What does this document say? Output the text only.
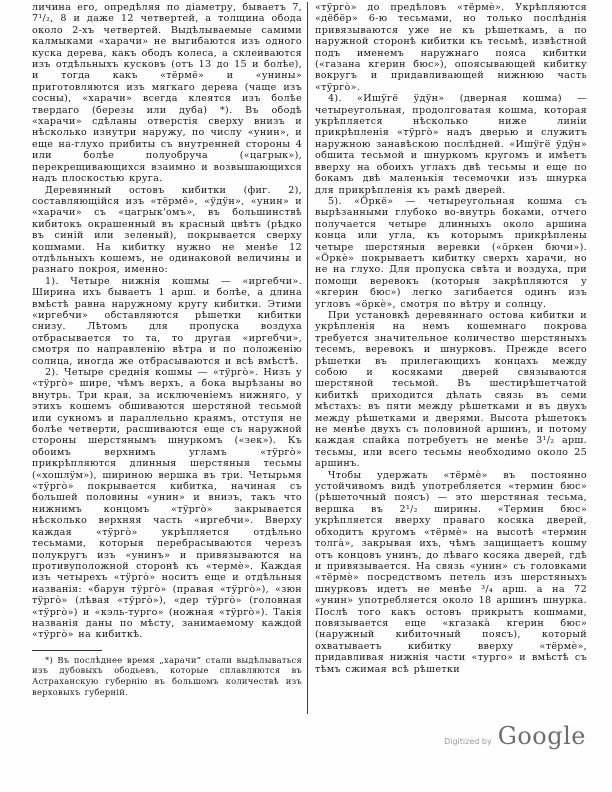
личина его, опредѣляя по діаметру, бываетъ 7, 7¹/₂, 8 и даже 12 четвертей, а толщина обода около 2-хъ четвертей. Выдѣлываемые самими калмыками «харачи» не выгибаются изъ одного куска дерева, какъ ободъ колеса, а склеиваются изъ отдѣльныхъ кусковъ (отъ 13 до 15 и болѣе), и тогда какъ «тёрмё» и «унины» приготовляются изъ мягкаго дерева (чаще изъ сосны), «харачи» всегда клеятся изъ болѣе твердаго (березы или дуба) *). Въ ободѣ «харачи» сдѣланы отверстія сверху внизъ и нѣсколько изнутри наружу, по числу «унин», и еще на-глухо прибиты съ внутренней стороны 4 или болѣе полуобруча («цагрык»), перекрещивающихся взаимно и возвышающихся надъ плоскостью круга.

Деревянный остовъ кибитки (фиг. 2), составляющійся изъ «тёрмё», «ӱдӱн», «унин» и «харачи» съ «цагрык'омъ», въ большинствѣ кибитокъ окрашенный въ красный цвѣтъ (рѣдко въ синій или зеленый), покрывается сверху кошмами. На кибитку нужно не менѣе 12 отдѣльныхъ кошемъ, не одинаковой величины и разнаго покроя, именно:

1). Четыре нижнія кошмы — «иргебчи». Ширина ихъ бываетъ 1 арш. и болѣе, а длина вмѣстѣ равна наружному кругу кибитки. Этими «иргебчи» обставляются рѣшетки кибитки снизу. Лѣтомъ для пропуска воздуха отбрасывается то та, то другая «иргебчи», смотря по направленію вѣтра и по положенію солнца, иногда же отбрасываются и всѣ вмѣстѣ.

2). Четыре среднія кошмы — «тӱргò». Низъ у «тӱргò» шире, чѣмъ верхъ, а бока вырѣзаны во внутрь. Три края, за исключеніемъ нижняго, у этихъ кошемъ обшиваются шерстяной тесьмой или сукномъ и параллельно краямъ, отступя не болѣе четверти, расшиваются еще съ наружной стороны шерстянымъ шнуркомъ («зек»). Къ обоимъ верхнимъ угламъ «тӱргò» прикрѣпляются длинныя шерстяныя тесьмы («хошлӱм»), шириною вершка въ три. Четырьмя «тӱргò» покрывается кибитка, начиная съ большей половины «унин» и внизъ, такъ что нижнимъ концомъ «тӱргò» закрывается нѣсколько верхняя часть «иргебчи». Вверху каждая «тӱргò» укрѣпляется отдѣльно тесьмами, которыя перебрасываются черезъ полукругъ изъ «унинъ» и привязываются на противуположной сторонѣ къ «термè». Каждая изъ четырехъ «тӱргò» носитъ еще и отдѣльныя названія: «барун тӱргò» (правая «тӱргò»), «зюн тӱргò» (лѣвая «тӱргò»), «дер тӱргò» (головная «тӱргò») и «кэль-турго» (ножная «тӱргò»). Такія названія даны по мѣсту, занимаемому каждой «тӱргò» на кибиткѣ.

*) Въ послѣднее время „харачи“ стали выдѣлываться изъ дубовыхъ ободьевъ, которые сплавляются въ Астраханскую губернію въ большомъ количествѣ изъ верховыхъ губерній.

«тӱргò» до предѣловъ «тёрмè». Укрѣпляются «дёбёр» 6-ю тесьмами, но только послѣднія привязываются уже не къ рѣшеткамъ, а по наружной сторонѣ кибитки къ тесьмѣ, извѣстной подъ именемъ наружнаго пояса кибитки («газана кгерин бюс»), опоясывающей кибитку вокругъ и придавливающей нижнюю часть «тӱргò».

4). «Ишӱгё ӱдӱн» (дверная кошма) — четыреугольная, продолговатая кошма, которая укрѣпляется нѣсколько ниже линіи прикрѣпленія «тӱргò» надъ дверью и служитъ наружною занавѣскою послѣдней. «Ишӱгё ӱдӱн» обшита тесьмой и шнуркомъ кругомъ и имѣетъ вверху на обоихъ углахъ двѣ тесьмы и еще по бокамъ двѣ маленькія тесемочки изъ шнурка для прикрѣпленія къ рамѣ дверей.

5). «Öркё» — четыреугольная кошма съ вырѣзанными глубоко во-внутрь боками, отчего получается четыре длинныхъ около аршина конца или угла, къ которымъ прикрѣплены четыре шерстяныя веревки («öркен бючи»). «Öркè» покрываетъ кибитку сверхъ харачи, но не на глухо. Для пропуска свѣта и воздуха, при помощи веревокъ (которыя закрѣпляются у «кгерин бюс») легко загибается одинъ изъ угловъ «öркè», смотря по вѣтру и солнцу.

При установкѣ деревяннаго остова кибитки и укрѣпленія на немъ кошемнаго покрова требуется значительное количество шерстяныхъ тесемъ, веревокъ и шнурковъ. Прежде всего рѣшетки въ прилегающихъ концахъ между собою и косяками дверей связываются шерстяной тесьмой. Въ шестирѣшетчатой кибиткѣ приходится дѣлать связь въ семи мѣстахъ: въ пяти между рѣшетками и въ двухъ между рѣшетками и дверями. Высота рѣшетокъ не менѣе двухъ съ половиной аршинъ, и потому каждая спайка потребуетъ не менѣе 3¹/₂ арш. тесьмы, или всего тесьмы необходимо около 25 аршинъ.

Чтобы удержать «тёрмè» въ постоянно устойчивомъ видѣ употребляется «термин бюс» (рѣшеточный поясъ) — это шерстяная тесьма, вершка въ 2¹/₂ ширины. «Термин бюс» укрѣпляется вверху праваго косяка дверей, обходитъ кругомъ «тёрмè» на высотѣ «термин толгà», закрывая ихъ, чѣмъ защищаетъ кошму отъ концовъ унинъ, до лѣваго косяка дверей, гдѣ и привязывается. На связь «унин» съ головками «тёрмè» посредствомъ петель изъ шерстяныхъ шнурковъ идетъ не менѣе ³/₄ арш. а на 72 «унин» употребляется около 18 аршинъ шнурка. Послѣ того какъ остовъ прикрытъ кошмами, повязывается еще «кгазакà кгерин бюс» (наружный кибиточный поясъ), который охватываетъ кибитку вверху «тёрмè», придавливая нижнія части «турго» и вмѣстѣ съ тѣмъ сжимая всѣ рѣшетки

Digitized by Google
